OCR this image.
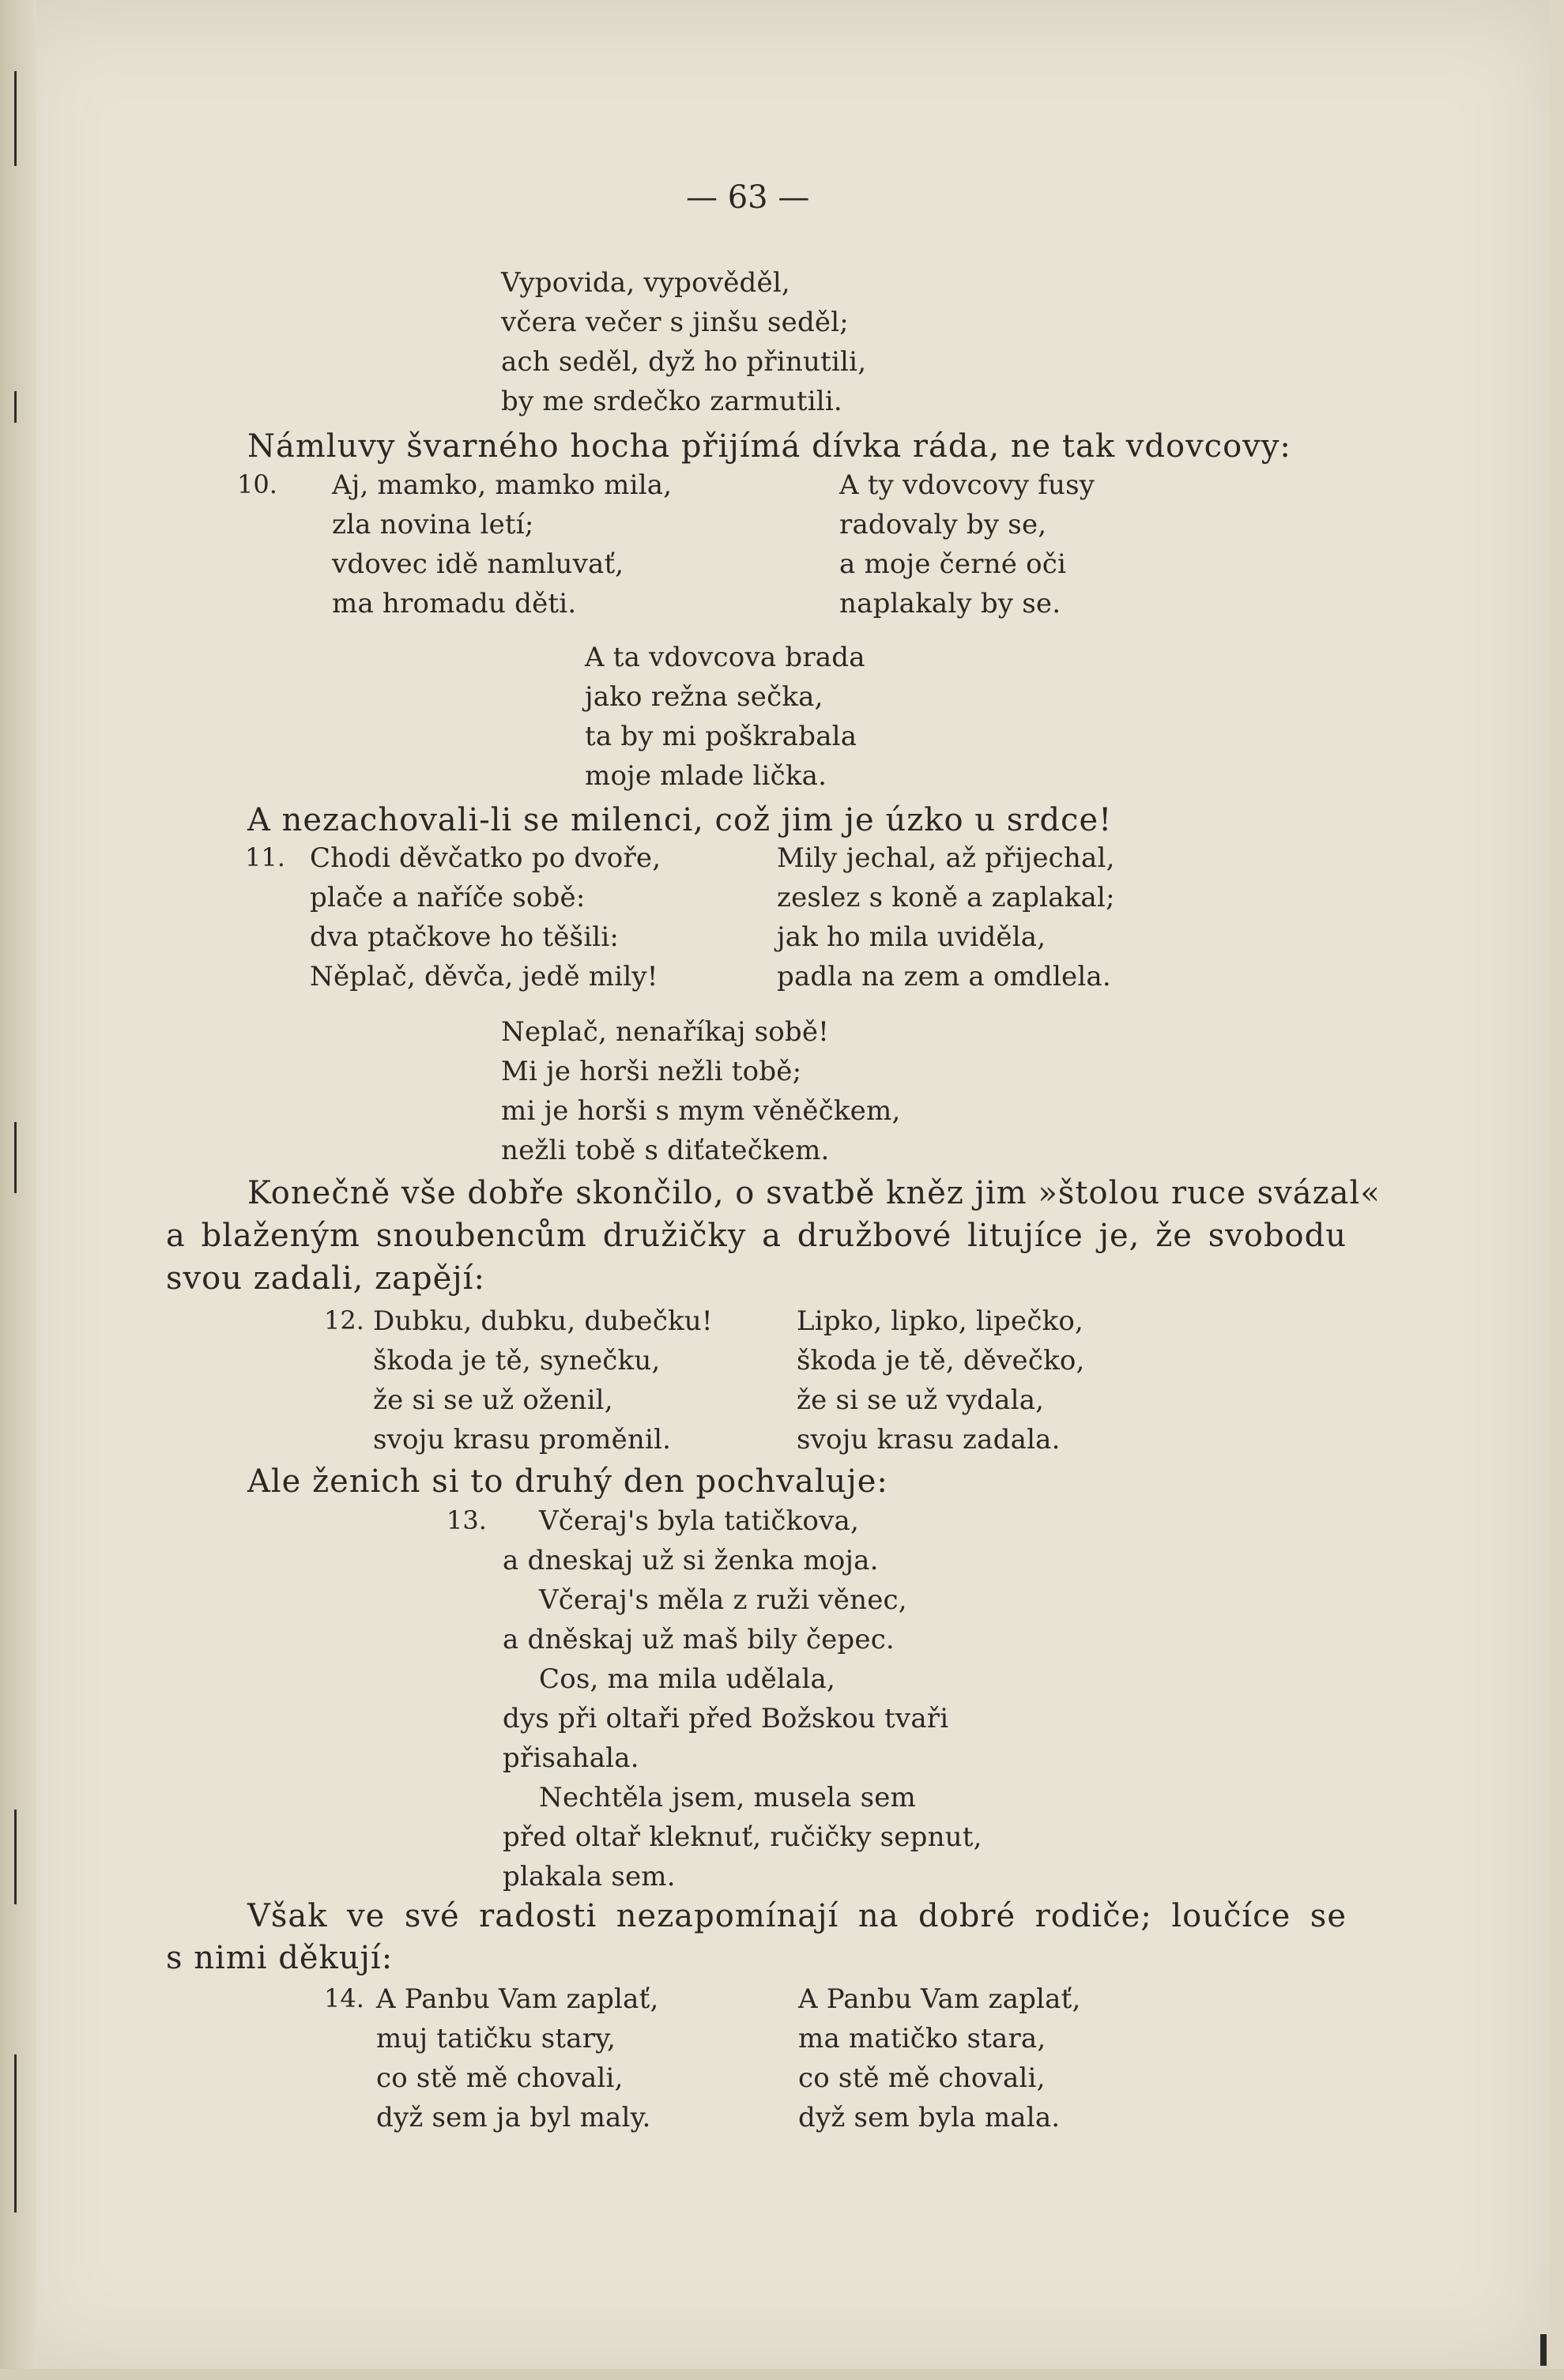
— 63 —
Vypovida, vypověděl,
včera večer s jinšu seděl;
ach seděl, dyž ho přinutili,
by me srdečko zarmutili.
Námluvy švarného hocha přijímá dívka ráda, ne tak vdovcovy:
10. Aj, mamko, mamko mila,
zla novina letí;
vdovec idě namluvať,
ma hromadu děti.
A ty vdovcovy fusy
radovaly by se,
a moje černé oči
naplakaly by se.
A ta vdovcova brada
jako režna sečka,
ta by mi poškrabala
moje mlade lička.
A nezachovali-li se milenci, což jim je úzko u srdce!
11. Chodi děvčatko po dvoře,
plače a naříče sobě:
dva ptačkove ho těšili:
Něplač, děvča, jedě mily!
Mily jechal, až přijechal,
zeslez s koně a zaplakal;
jak ho mila uviděla,
padla na zem a omdlela.
Neplač, nenaříkaj sobě!
Mi je horši nežli tobě;
mi je horši s mym věněčkem,
nežli tobě s diťatečkem.
Konečně vše dobře skončilo, o svatbě kněz jim »štolou ruce svázal«
a blaženým snoubencům družičky a družbové litujíce je, že svobodu
svou zadali, zapějí:
12. Dubku, dubku, dubečku!
škoda je tě, synečku,
že si se už oženil,
svoju krasu proměnil.
Lipko, lipko, lipečko,
škoda je tě, děvečko,
že si se už vydala,
svoju krasu zadala.
Ale ženich si to druhý den pochvaluje:
13. Včeraj's byla tatičkova,
a dneskaj už si ženka moja.
Včeraj's měla z ruži věnec,
a dněskaj už maš bily čepec.
Cos, ma mila udělala,
dys při oltaři před Božskou tvaři
přisahala.
Nechtěla jsem, musela sem
před oltař kleknuť, ručičky sepnut,
plakala sem.
Však ve své radosti nezapomínají na dobré rodiče; loučíce se
s nimi děkují:
14. A Panbu Vam zaplať,
muj tatičku stary,
co stě mě chovali,
dyž sem ja byl maly.
A Panbu Vam zaplať,
ma matičko stara,
co stě mě chovali,
dyž sem byla mala.
